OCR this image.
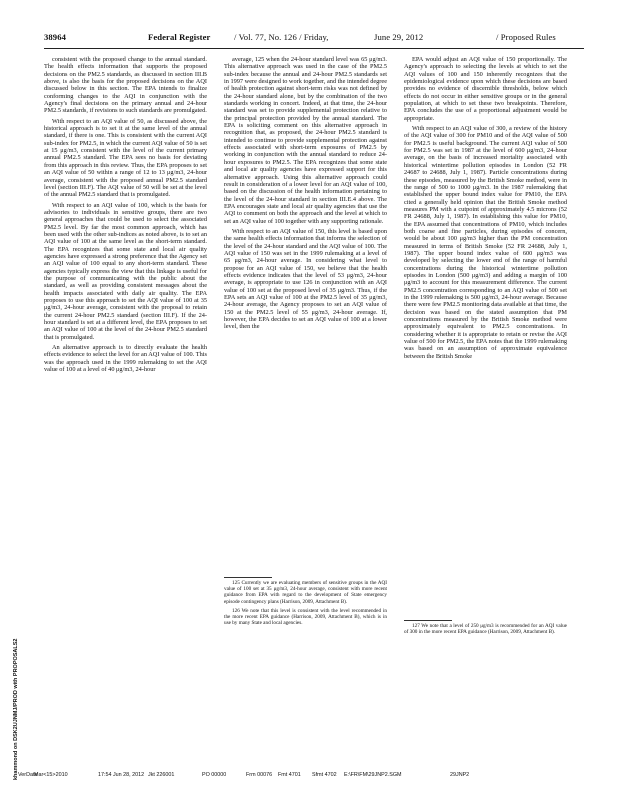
38964	Federal Register	/ Vol. 77, No. 126 / Friday,	June 29, 2012	/ Proposed Rules

consistent with the proposed change to the annual standard. The health effects information that supports the proposed decisions on the PM2.5 standards, as discussed in section III.B above, is also the basis for the proposed decisions on the AQI discussed below in this section. The EPA intends to finalize conforming changes to the AQI in conjunction with the Agency's final decisions on the primary annual and 24-hour PM2.5 standards, if revisions to such standards are promulgated.

With respect to an AQI value of 50, as discussed above, the historical approach is to set it at the same level of the annual standard, if there is one. This is consistent with the current AQI sub-index for PM2.5, in which the current AQI value of 50 is set at 15 μg/m3, consistent with the level of the current primary annual PM2.5 standard. The EPA sees no basis for deviating from this approach in this review. Thus, the EPA proposes to set an AQI value of 50 within a range of 12 to 13 μg/m3, 24-hour average, consistent with the proposed annual PM2.5 standard level (section III.F). The AQI value of 50 will be set at the level of the annual PM2.5 standard that is promulgated.

With respect to an AQI value of 100, which is the basis for advisories to individuals in sensitive groups, there are two general approaches that could be used to select the associated PM2.5 level. By far the most common approach, which has been used with the other sub-indices as noted above, is to set an AQI value of 100 at the same level as the short-term standard. The EPA recognizes that some state and local air quality agencies have expressed a strong preference that the Agency set an AQI value of 100 equal to any short-term standard. These agencies typically express the view that this linkage is useful for the purpose of communicating with the public about the standard, as well as providing consistent messages about the health impacts associated with daily air quality. The EPA proposes to use this approach to set the AQI value of 100 at 35 μg/m3, 24-hour average, consistent with the proposal to retain the current 24-hour PM2.5 standard (section III.F). If the 24-hour standard is set at a different level, the EPA proposes to set an AQI value of 100 at the level of the 24-hour PM2.5 standard that is promulgated.

An alternative approach is to directly evaluate the health effects evidence to select the level for an AQI value of 100. This was the approach used in the 1999 rulemaking to set the AQI value of 100 at a level of 40 μg/m3, 24-hour

average, 125 when the 24-hour standard level was 65 μg/m3. This alternative approach was used in the case of the PM2.5 sub-index because the annual and 24-hour PM2.5 standards set in 1997 were designed to work together, and the intended degree of health protection against short-term risks was not defined by the 24-hour standard alone, but by the combination of the two standards working in concert. Indeed, at that time, the 24-hour standard was set to provide supplemental protection relative to the principal protection provided by the annual standard. The EPA is soliciting comment on this alternative approach in recognition that, as proposed, the 24-hour PM2.5 standard is intended to continue to provide supplemental protection against effects associated with short-term exposures of PM2.5 by working in conjunction with the annual standard to reduce 24-hour exposures to PM2.5. The EPA recognizes that some state and local air quality agencies have expressed support for this alternative approach. Using this alternative approach could result in consideration of a lower level for an AQI value of 100, based on the discussion of the health information pertaining to the level of the 24-hour standard in section III.E.4 above. The EPA encourages state and local air quality agencies that use the AQI to comment on both the approach and the level at which to set an AQI value of 100 together with any supporting rationale.

With respect to an AQI value of 150, this level is based upon the same health effects information that informs the selection of the level of the 24-hour standard and the AQI value of 100. The AQI value of 150 was set in the 1999 rulemaking at a level of 65 μg/m3, 24-hour average. In considering what level to propose for an AQI value of 150, we believe that the health effects evidence indicates that the level of 53 μg/m3, 24-hour average, is appropriate to use 126 in conjunction with an AQI value of 100 set at the proposed level of 35 μg/m3. Thus, if the EPA sets an AQI value of 100 at the PM2.5 level of 35 μg/m3, 24-hour average, the Agency proposes to set an AQI value of 150 at the PM2.5 level of 55 μg/m3, 24-hour average. If, however, the EPA decides to set an AQI value of 100 at a lower level, then the

125 Currently we are evaluating members of sensitive groups in the AQI value of 100 set at 35 μg/m3, 24-hour average, consistent with more recent guidance from EPA with regard to the development of State emergency episode contingency plans (Harrison, 2009, Attachment B).

126 We note that this level is consistent with the level recommended in the more recent EPA guidance (Harrison, 2009, Attachment B), which is in use by many State and local agencies.

EPA would adjust an AQI value of 150 proportionally. The Agency's approach to selecting the levels at which to set the AQI values of 100 and 150 inherently recognizes that the epidemiological evidence upon which these decisions are based provides no evidence of discernible thresholds, below which effects do not occur in either sensitive groups or in the general population, at which to set these two breakpoints. Therefore, EPA concludes the use of a proportional adjustment would be appropriate.

With respect to an AQI value of 300, a review of the history of the AQI value of 300 for PM10 and of the AQI value of 500 for PM2.5 is useful background. The current AQI value of 500 for PM2.5 was set in 1987 at the level of 600 μg/m3, 24-hour average, on the basis of increased mortality associated with historical wintertime pollution episodes in London (52 FR 24687 to 24688, July 1, 1987). Particle concentrations during these episodes, measured by the British Smoke method, were in the range of 500 to 1000 μg/m3. In the 1987 rulemaking that established the upper bound index value for PM10, the EPA cited a generally held opinion that the British Smoke method measures PM with a cutpoint of approximately 4.5 microns (52 FR 24688, July 1, 1987). In establishing this value for PM10, the EPA assumed that concentrations of PM10, which includes both coarse and fine particles, during episodes of concern, would be about 100 μg/m3 higher than the PM concentration measured in terms of British Smoke (52 FR 24688, July 1, 1987). The upper bound index value of 600 μg/m3 was developed by selecting the lower end of the range of harmful concentrations during the historical wintertime pollution episodes in London (500 μg/m3) and adding a margin of 100 μg/m3 to account for this measurement difference. The current PM2.5 concentration corresponding to an AQI value of 500 set in the 1999 rulemaking is 500 μg/m3, 24-hour average. Because there were few PM2.5 monitoring data available at that time, the decision was based on the stated assumption that PM concentrations measured by the British Smoke method were approximately equivalent to PM2.5 concentrations. In considering whether it is appropriate to retain or revise the AQI value of 500 for PM2.5, the EPA notes that the 1999 rulemaking was based on an assumption of approximate equivalence between the British Smoke

127 We note that a level of 250 μg/m3 is recommended for an AQI value of 300 in the more recent EPA guidance (Harrison, 2009, Attachment B).

khammond on DSK2UJNMJ/PROD with PROPOSALS2 VerDate
Mar<15>2010	17:54 Jun 28, 2012 Jkt 226001	PO 00000	Frm 00076 Fmt 4701 Sfmt 4702 E:\FR\FM\29JNP2.SGM	29JNP2
